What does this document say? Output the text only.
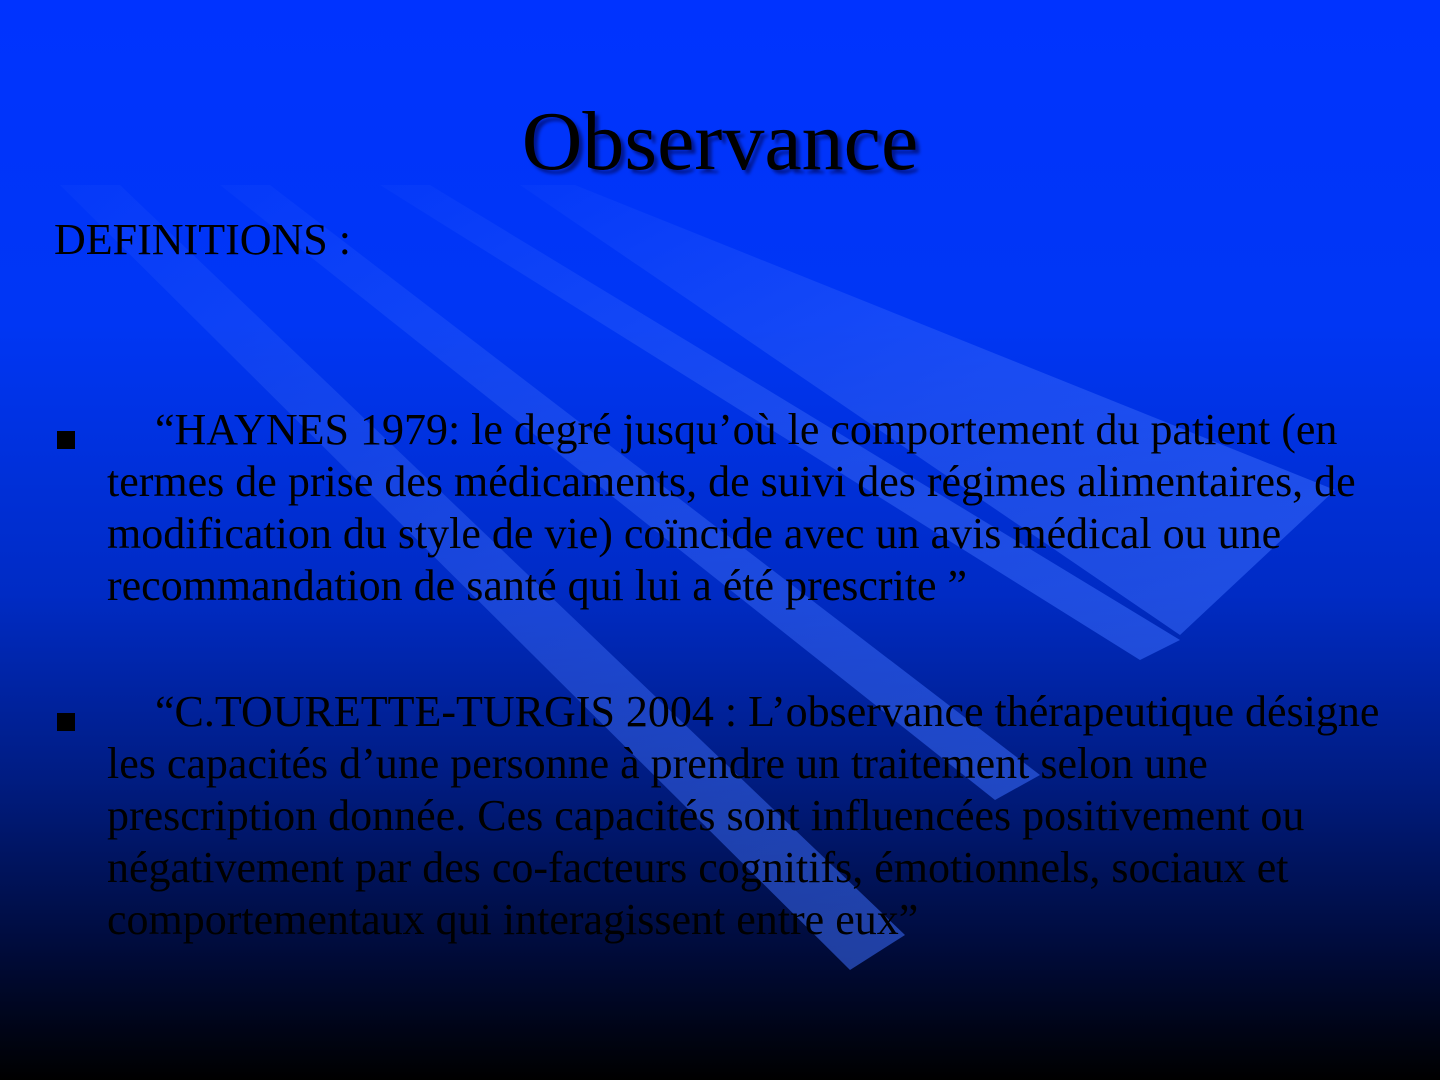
Observance
DEFINITIONS :
“HAYNES 1979: le degré jusqu’où le comportement du patient (en termes de prise des médicaments, de suivi des régimes alimentaires, de modification du style de vie) coïncide avec un avis médical ou une recommandation de santé qui lui a été prescrite ”
“C.TOURETTE-TURGIS 2004 : L’observance thérapeutique désigne les capacités d’une personne à prendre un traitement selon une prescription donnée. Ces capacités sont influencées positivement ou négativement par des co-facteurs cognitifs, émotionnels, sociaux et comportementaux qui interagissent entre eux”
